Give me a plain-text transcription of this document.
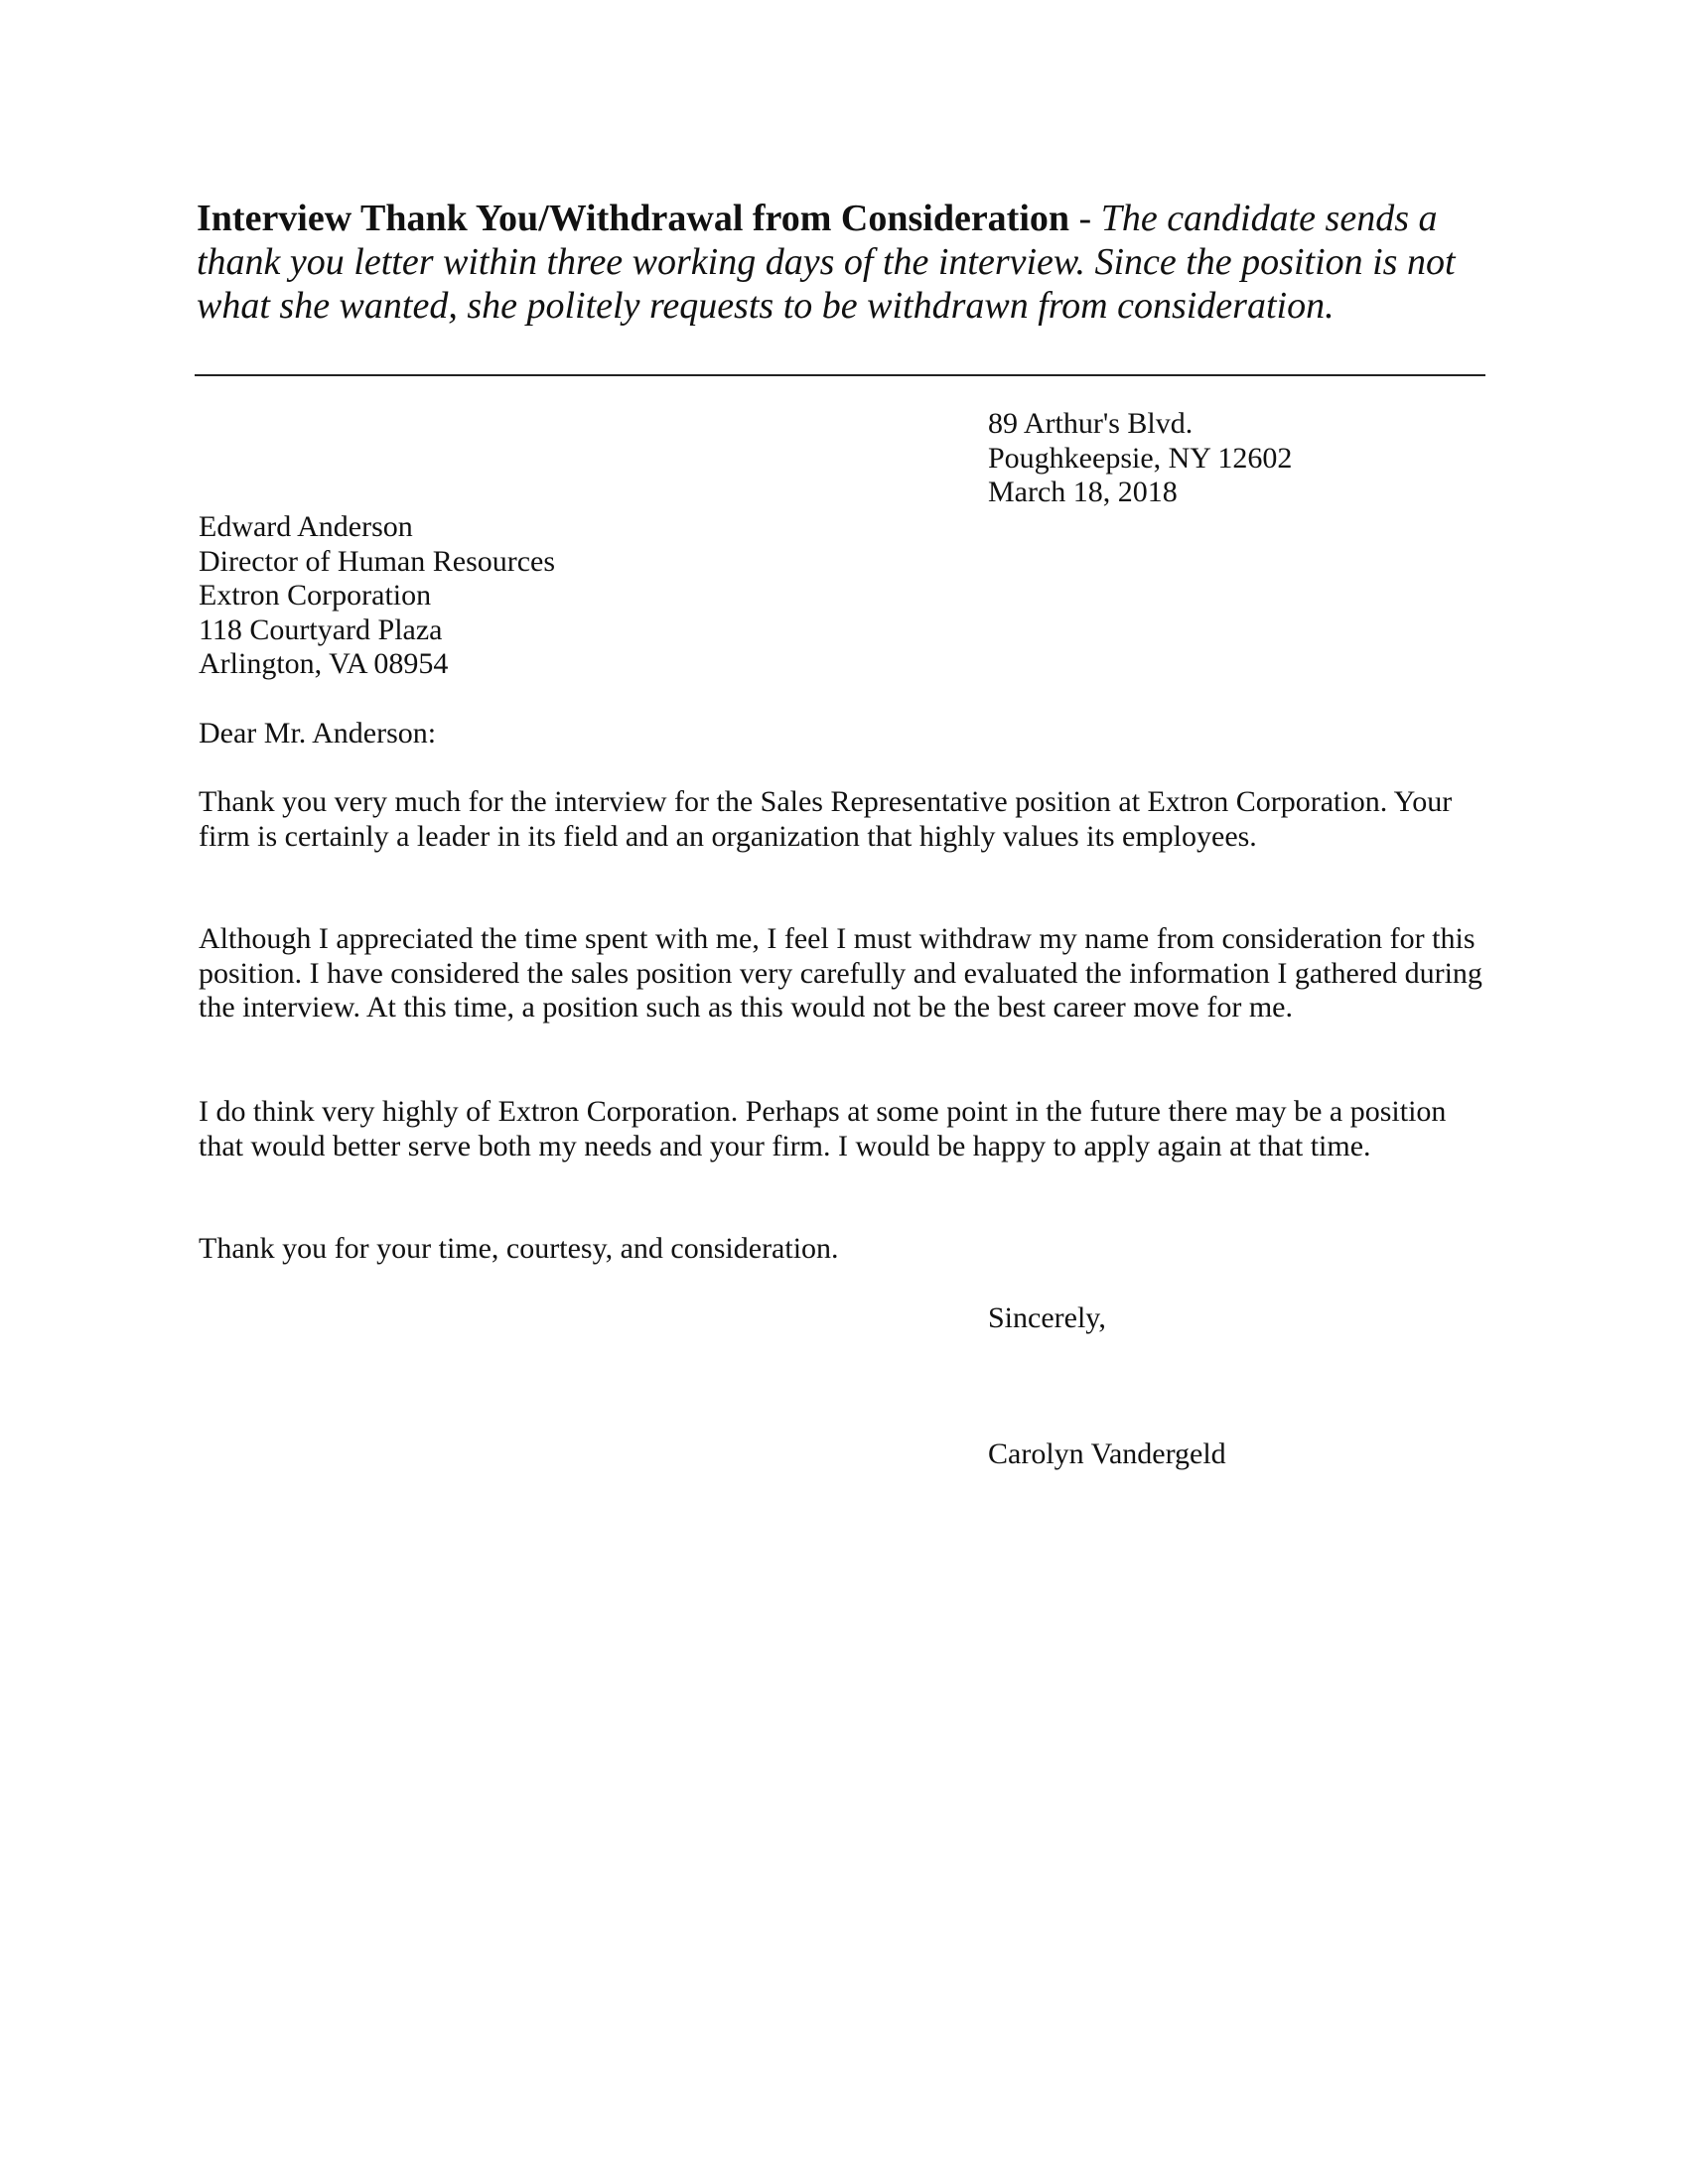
Interview Thank You/Withdrawal from Consideration - The candidate sends a thank you letter within three working days of the interview. Since the position is not what she wanted, she politely requests to be withdrawn from consideration.
89 Arthur's Blvd.
Poughkeepsie, NY 12602
March 18, 2018
Edward Anderson
Director of Human Resources
Extron Corporation
118 Courtyard Plaza
Arlington, VA 08954
Dear Mr. Anderson:

Thank you very much for the interview for the Sales Representative position at Extron Corporation. Your firm is certainly a leader in its field and an organization that highly values its employees.

Although I appreciated the time spent with me, I feel I must withdraw my name from consideration for this position. I have considered the sales position very carefully and evaluated the information I gathered during the interview. At this time, a position such as this would not be the best career move for me.

I do think very highly of Extron Corporation. Perhaps at some point in the future there may be a position that would better serve both my needs and your firm. I would be happy to apply again at that time.

Thank you for your time, courtesy, and consideration.

Sincerely,
Carolyn Vandergeld
